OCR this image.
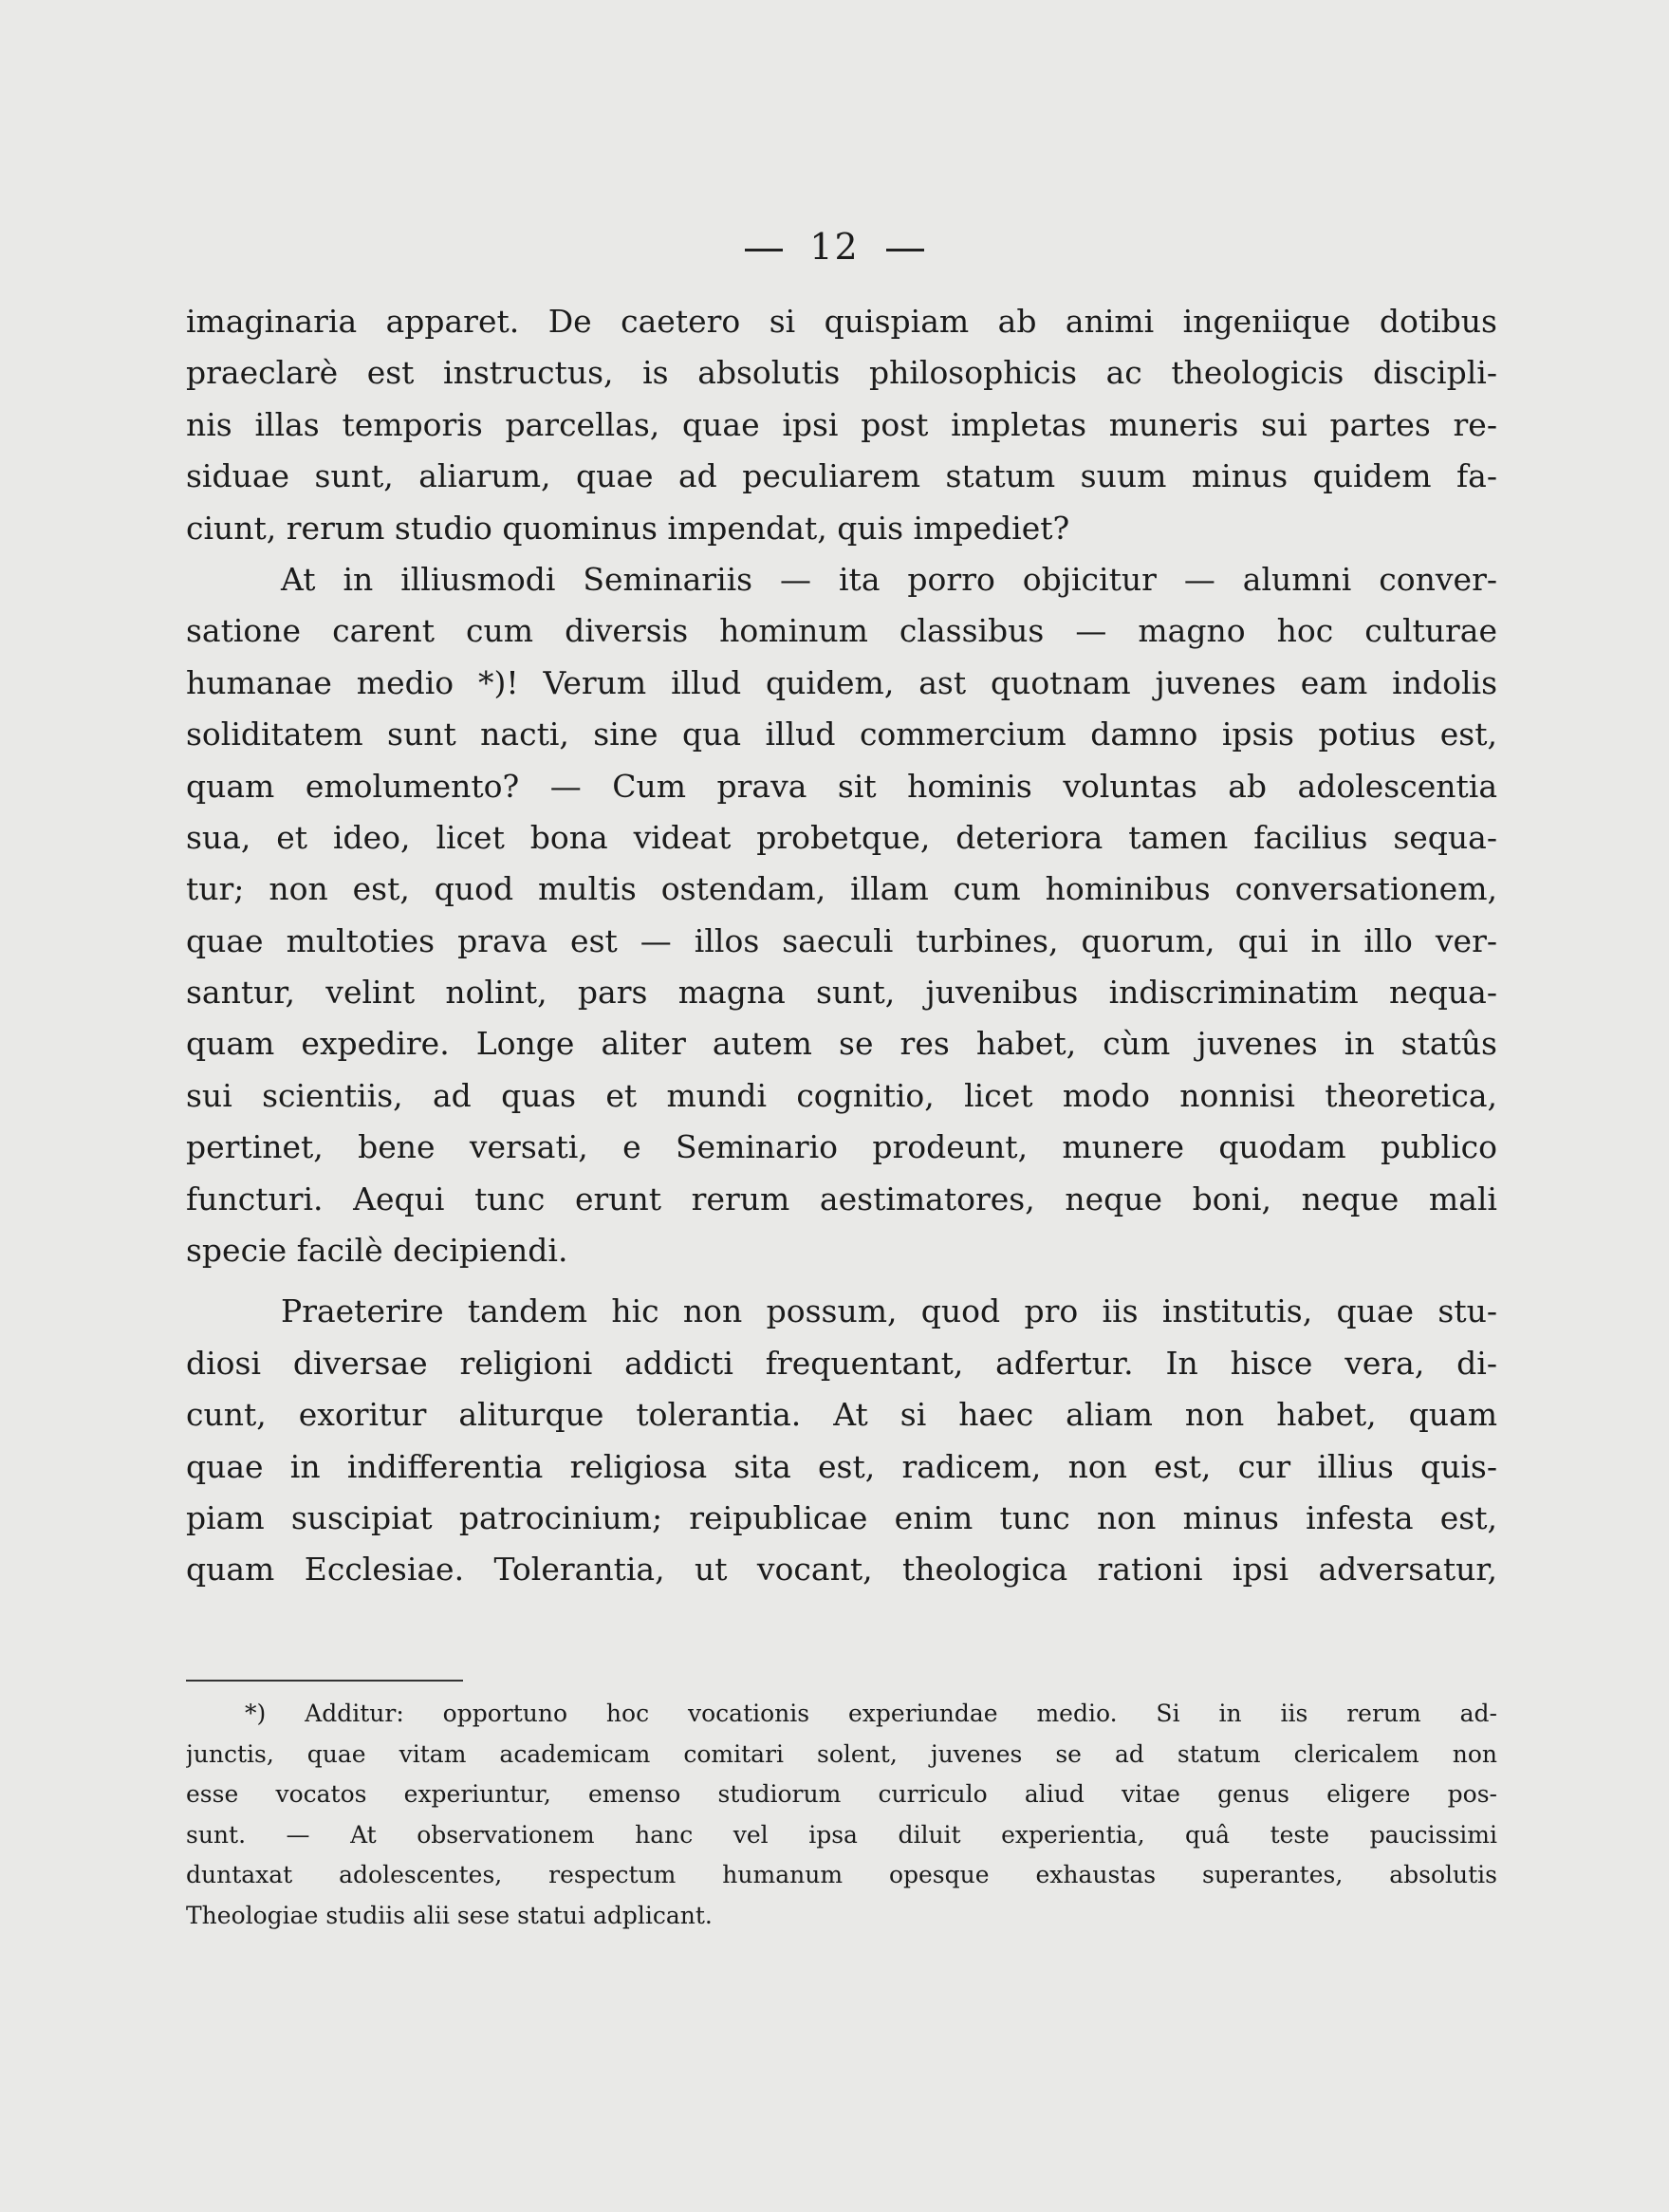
12
imaginaria apparet. De caetero si quispiam ab animi ingeniique dotibus
praeclarè est instructus, is absolutis philosophicis ac theologicis discipli-
nis illas temporis parcellas, quae ipsi post impletas muneris sui partes re-
siduae sunt, aliarum, quae ad peculiarem statum suum minus quidem fa-
ciunt, rerum studio quominus impendat, quis impediet?
At in illiusmodi Seminariis — ita porro objicitur — alumni conver-
satione carent cum diversis hominum classibus — magno hoc culturae
humanae medio *)! Verum illud quidem, ast quotnam juvenes eam indolis
soliditatem sunt nacti, sine qua illud commercium damno ipsis potius est,
quam emolumento? — Cum prava sit hominis voluntas ab adolescentia
sua, et ideo, licet bona videat probetque, deteriora tamen facilius sequa-
tur; non est, quod multis ostendam, illam cum hominibus conversationem,
quae multoties prava est — illos saeculi turbines, quorum, qui in illo ver-
santur, velint nolint, pars magna sunt, juvenibus indiscriminatim nequa-
quam expedire. Longe aliter autem se res habet, cùm juvenes in statûs
sui scientiis, ad quas et mundi cognitio, licet modo nonnisi theoretica,
pertinet, bene versati, e Seminario prodeunt, munere quodam publico
functuri. Aequi tunc erunt rerum aestimatores, neque boni, neque mali
specie facilè decipiendi.
Praeterire tandem hic non possum, quod pro iis institutis, quae stu-
diosi diversae religioni addicti frequentant, adfertur. In hisce vera, di-
cunt, exoritur aliturque tolerantia. At si haec aliam non habet, quam
quae in indifferentia religiosa sita est, radicem, non est, cur illius quis-
piam suscipiat patrocinium; reipublicae enim tunc non minus infesta est,
quam Ecclesiae. Tolerantia, ut vocant, theologica rationi ipsi adversatur,
*) Additur: opportuno hoc vocationis experiundae medio. Si in iis rerum ad-
junctis, quae vitam academicam comitari solent, juvenes se ad statum clericalem non
esse vocatos experiuntur, emenso studiorum curriculo aliud vitae genus eligere pos-
sunt. — At observationem hanc vel ipsa diluit experientia, quâ teste paucissimi
duntaxat adolescentes, respectum humanum opesque exhaustas superantes, absolutis
Theologiae studiis alii sese statui adplicant.
